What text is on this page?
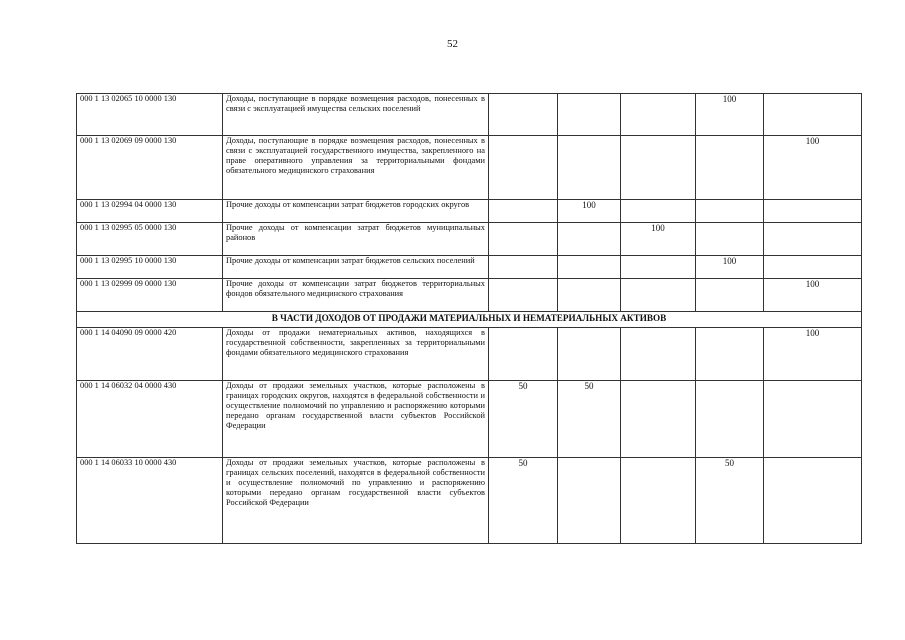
52
000 1 13 02065 10 0000 130	Доходы, поступающие в порядке возмещения расходов, понесенных в связи с эксплуатацией имущества сельских поселений				100	
000 1 13 02069 09 0000 130	Доходы, поступающие в порядке возмещения расходов, понесенных в связи с эксплуатацией государственного имущества, закрепленного на праве оперативного управления за территориальными фондами обязательного медицинского страхования					100
000 1 13 02994 04 0000 130	Прочие доходы от компенсации затрат бюджетов городских округов		100			
000 1 13 02995 05 0000 130	Прочие доходы от компенсации затрат бюджетов муниципальных районов			100		
000 1 13 02995 10 0000 130	Прочие доходы от компенсации затрат бюджетов сельских поселений				100	
000 1 13 02999 09 0000 130	Прочие доходы от компенсации затрат бюджетов территориальных фондов обязательного медицинского страхования					100
В ЧАСТИ ДОХОДОВ ОТ ПРОДАЖИ МАТЕРИАЛЬНЫХ И НЕМАТЕРИАЛЬНЫХ АКТИВОВ						
000 1 14 04090 09 0000 420	Доходы от продажи нематериальных активов, находящихся в государственной собственности, закрепленных за территориальными фондами обязательного медицинского страхования					100
000 1 14 06032 04 0000 430	Доходы от продажи земельных участков, которые расположены в границах городских округов, находятся в федеральной собственности и осуществление полномочий по управлению и распоряжению которыми передано органам государственной власти субъектов Российской Федерации	50	50			
000 1 14 06033 10 0000 430	Доходы от продажи земельных участков, которые расположены в границах сельских поселений, находятся в федеральной собственности и осуществление полномочий по управлению и распоряжению которыми передано органам государственной власти субъектов Российской Федерации	50			50	
